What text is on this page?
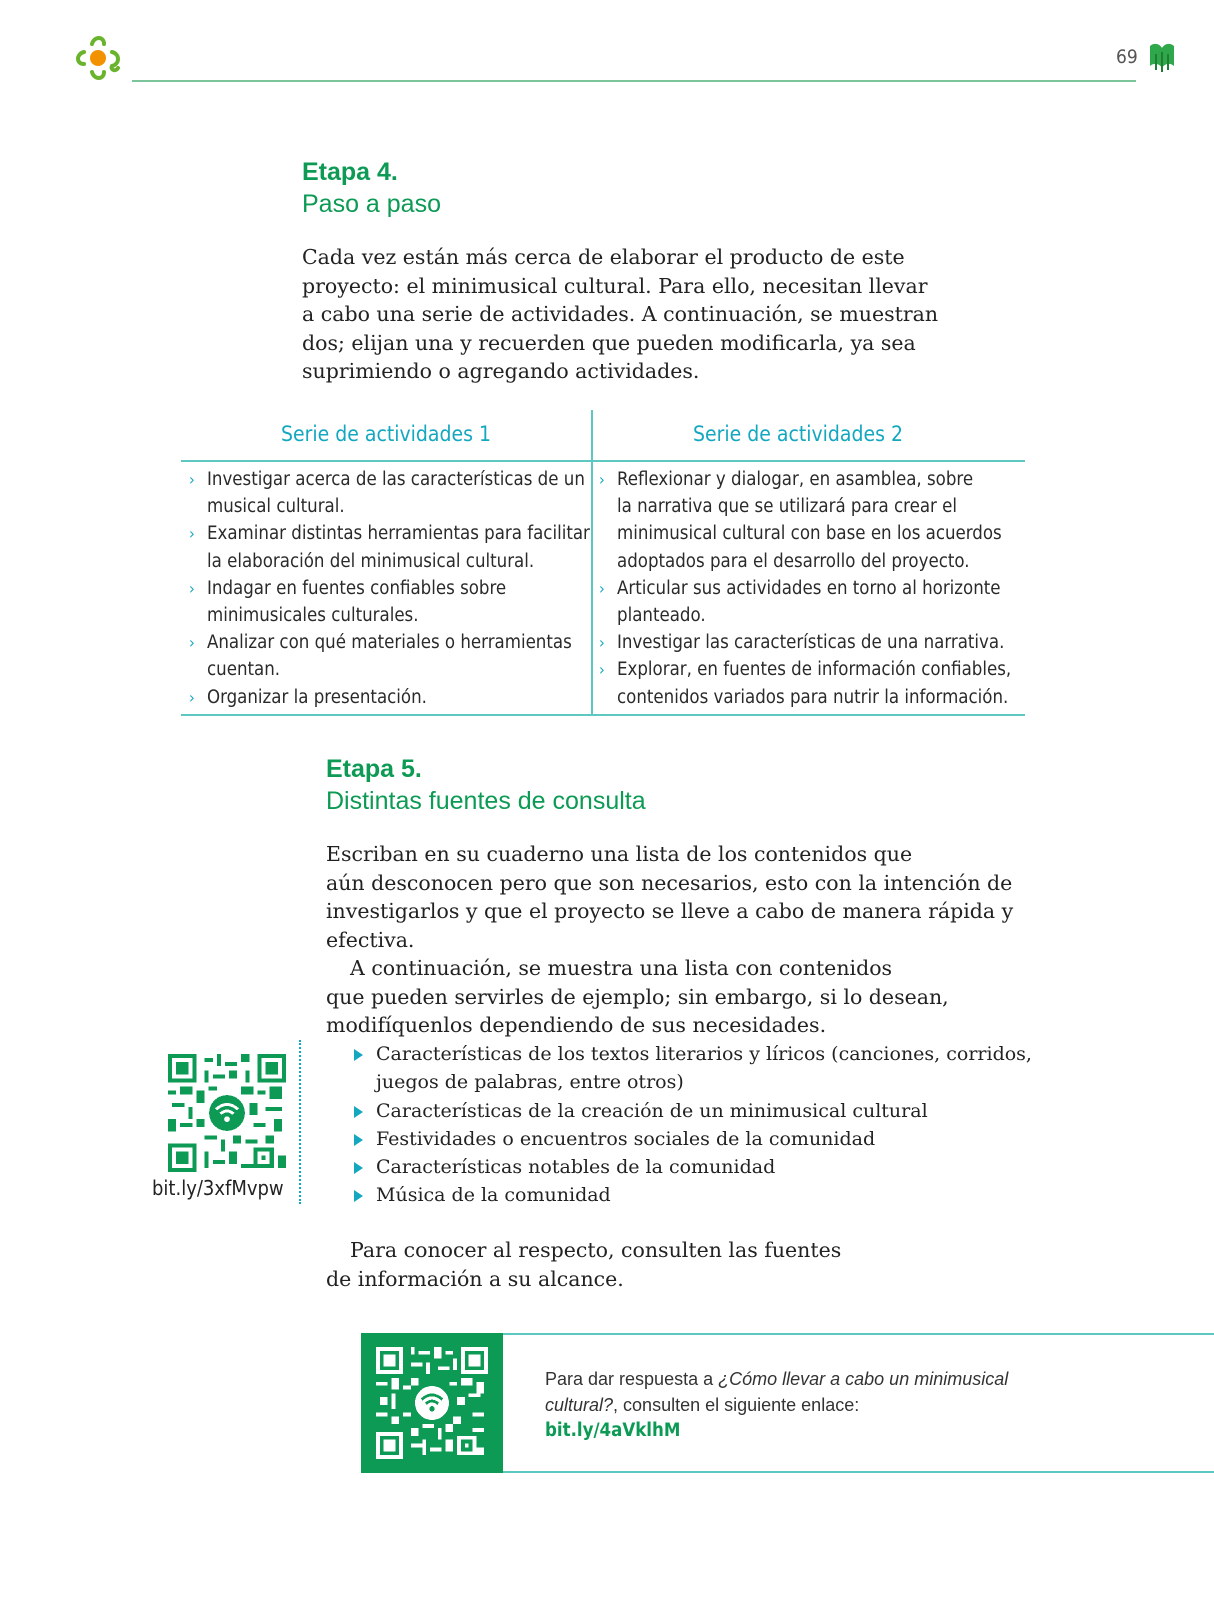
69
Etapa 4.
Paso a paso

Cada vez están más cerca de elaborar el producto de este
proyecto: el minimusical cultural. Para ello, necesitan llevar
a cabo una serie de actividades. A continuación, se muestran
dos; elijan una y recuerden que pueden modificarla, ya sea
suprimiendo o agregando actividades.

Serie de actividades 1	Serie de actividades 2
› Investigar acerca de las características de un
musical cultural.
› Examinar distintas herramientas para facilitar
la elaboración del minimusical cultural.
› Indagar en fuentes confiables sobre
minimusicales culturales.
› Analizar con qué materiales o herramientas
cuentan.
› Organizar la presentación.
› Reflexionar y dialogar, en asamblea, sobre
la narrativa que se utilizará para crear el
minimusical cultural con base en los acuerdos
adoptados para el desarrollo del proyecto.
› Articular sus actividades en torno al horizonte
planteado.
› Investigar las características de una narrativa.
› Explorar, en fuentes de información confiables,
contenidos variados para nutrir la información.
Etapa 5.
Distintas fuentes de consulta

Escriban en su cuaderno una lista de los contenidos que
aún desconocen pero que son necesarios, esto con la intención de
investigarlos y que el proyecto se lleve a cabo de manera rápida y
efectiva.

A continuación, se muestra una lista con contenidos
que pueden servirles de ejemplo; sin embargo, si lo desean,
modifíquenlos dependiendo de sus necesidades.

bit.ly/3xfMvpw
Características de los textos literarios y líricos (canciones, corridos,
juegos de palabras, entre otros)
Características de la creación de un minimusical cultural
Festividades o encuentros sociales de la comunidad
Características notables de la comunidad
Música de la comunidad

Para conocer al respecto, consulten las fuentes
de información a su alcance.

Para dar respuesta a ¿Cómo llevar a cabo un minimusical
cultural?, consulten el siguiente enlace:
bit.ly/4aVklhM
